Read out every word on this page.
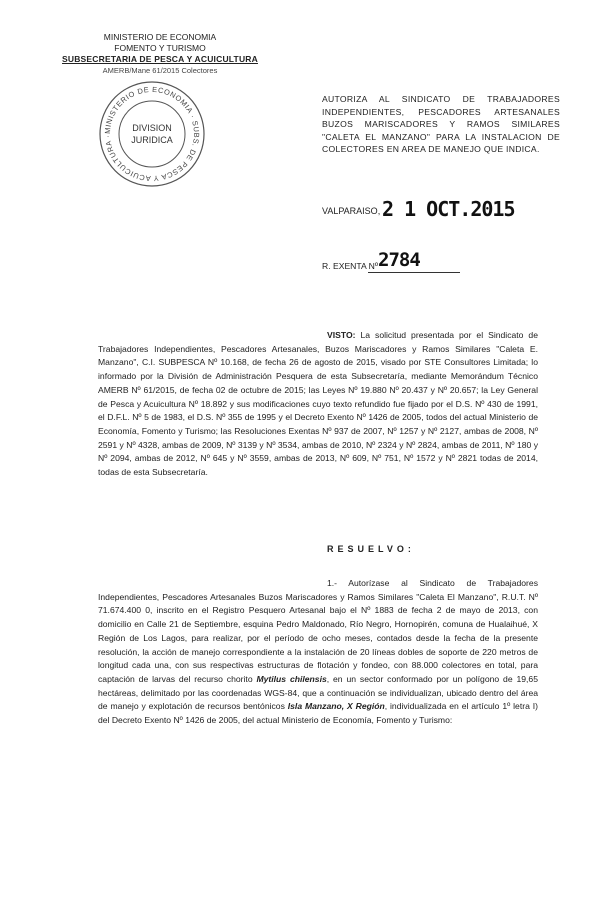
MINISTERIO DE ECONOMIA
FOMENTO Y TURISMO
SUBSECRETARIA DE PESCA Y ACUICULTURA
AMERB/Mane 61/2015 Colectores
MINISTERIO DE ECONOMIA · SUBS. DE PESCA Y ACUICULTURA ·
DIVISION
JURIDICA
AUTORIZA AL SINDICATO DE TRABAJADORES INDEPENDIENTES, PESCADORES ARTESANALES BUZOS MARISCADORES Y RAMOS SIMILARES "CALETA EL MANZANO" PARA LA INSTALACION DE COLECTORES EN AREA DE MANEJO QUE INDICA.
VALPARAISO, 2 1 OCT.2015
R. EXENTA Nº 2784
VISTO: La solicitud presentada por el Sindicato de Trabajadores Independientes, Pescadores Artesanales, Buzos Mariscadores y Ramos Similares "Caleta E. Manzano", C.I. SUBPESCA Nº 10.168, de fecha 26 de agosto de 2015, visado por STE Consultores Limitada; lo informado por la División de Administración Pesquera de esta Subsecretaría, mediante Memorándum Técnico AMERB Nº 61/2015, de fecha 02 de octubre de 2015; las Leyes Nº 19.880 Nº 20.437 y Nº 20.657; la Ley General de Pesca y Acuicultura Nº 18.892 y sus modificaciones cuyo texto refundido fue fijado por el D.S. Nº 430 de 1991, el D.F.L. Nº 5 de 1983, el D.S. Nº 355 de 1995 y el Decreto Exento Nº 1426 de 2005, todos del actual Ministerio de Economía, Fomento y Turismo; las Resoluciones Exentas Nº 937 de 2007, Nº 1257 y Nº 2127, ambas de 2008, Nº 2591 y Nº 4328, ambas de 2009, Nº 3139 y Nº 3534, ambas de 2010, Nº 2324 y Nº 2824, ambas de 2011, Nº 180 y Nº 2094, ambas de 2012, Nº 645 y Nº 3559, ambas de 2013, Nº 609, Nº 751, Nº 1572 y Nº 2821 todas de 2014, todas de esta Subsecretaría.
RESUELVO:
1.- Autorízase al Sindicato de Trabajadores Independientes, Pescadores Artesanales Buzos Mariscadores y Ramos Similares "Caleta El Manzano", R.U.T. Nº 71.674.400 0, inscrito en el Registro Pesquero Artesanal bajo el Nº 1883 de fecha 2 de mayo de 2013, con domicilio en Calle 21 de Septiembre, esquina Pedro Maldonado, Río Negro, Hornopirén, comuna de Hualaihué, X Región de Los Lagos, para realizar, por el período de ocho meses, contados desde la fecha de la presente resolución, la acción de manejo correspondiente a la instalación de 20 líneas dobles de soporte de 220 metros de longitud cada una, con sus respectivas estructuras de flotación y fondeo, con 88.000 colectores en total, para captación de larvas del recurso chorito Mytilus chilensis, en un sector conformado por un polígono de 19,65 hectáreas, delimitado por las coordenadas WGS-84, que a continuación se individualizan, ubicado dentro del área de manejo y explotación de recursos bentónicos Isla Manzano, X Región, individualizada en el artículo 1º letra I) del Decreto Exento Nº 1426 de 2005, del actual Ministerio de Economía, Fomento y Turismo:
